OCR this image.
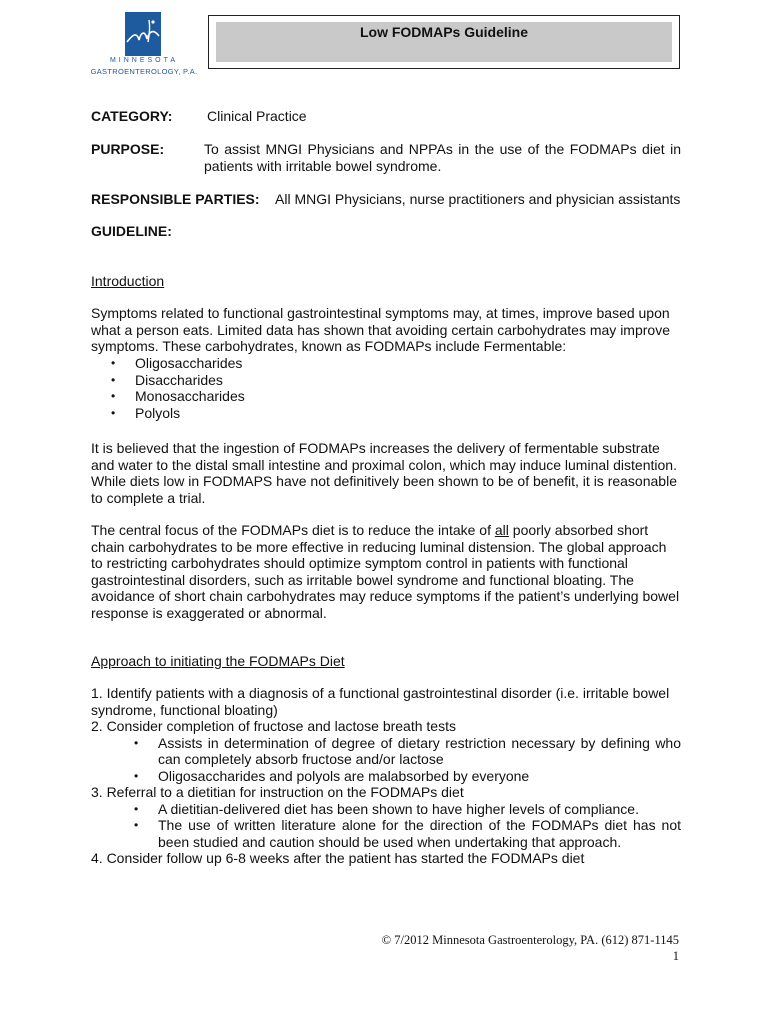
MINNESOTA
GASTROENTEROLOGY, P.A.
Low FODMAPs Guideline
CATEGORY: Clinical Practice
PURPOSE:	To assist MNGI Physicians and NPPAs in the use of the FODMAPs diet in patients with irritable bowel syndrome.
RESPONSIBLE PARTIES: All MNGI Physicians, nurse practitioners and physician assistants
GUIDELINE:
Introduction
Symptoms related to functional gastrointestinal symptoms may, at times, improve based upon what a person eats. Limited data has shown that avoiding certain carbohydrates may improve symptoms. These carbohydrates, known as FODMAPs include Fermentable:
• Oligosaccharides
• Disaccharides
• Monosaccharides
• Polyols
It is believed that the ingestion of FODMAPs increases the delivery of fermentable substrate and water to the distal small intestine and proximal colon, which may induce luminal distention. While diets low in FODMAPS have not definitively been shown to be of benefit, it is reasonable to complete a trial.
The central focus of the FODMAPs diet is to reduce the intake of all poorly absorbed short chain carbohydrates to be more effective in reducing luminal distension. The global approach to restricting carbohydrates should optimize symptom control in patients with functional gastrointestinal disorders, such as irritable bowel syndrome and functional bloating. The avoidance of short chain carbohydrates may reduce symptoms if the patient’s underlying bowel response is exaggerated or abnormal.
Approach to initiating the FODMAPs Diet
1. Identify patients with a diagnosis of a functional gastrointestinal disorder (i.e. irritable bowel syndrome, functional bloating)
2. Consider completion of fructose and lactose breath tests
• Assists in determination of degree of dietary restriction necessary by defining who can completely absorb fructose and/or lactose
• Oligosaccharides and polyols are malabsorbed by everyone
3. Referral to a dietitian for instruction on the FODMAPs diet
• A dietitian-delivered diet has been shown to have higher levels of compliance.
• The use of written literature alone for the direction of the FODMAPs diet has not been studied and caution should be used when undertaking that approach.
4. Consider follow up 6-8 weeks after the patient has started the FODMAPs diet
© 7/2012 Minnesota Gastroenterology, PA. (612) 871-1145
1
